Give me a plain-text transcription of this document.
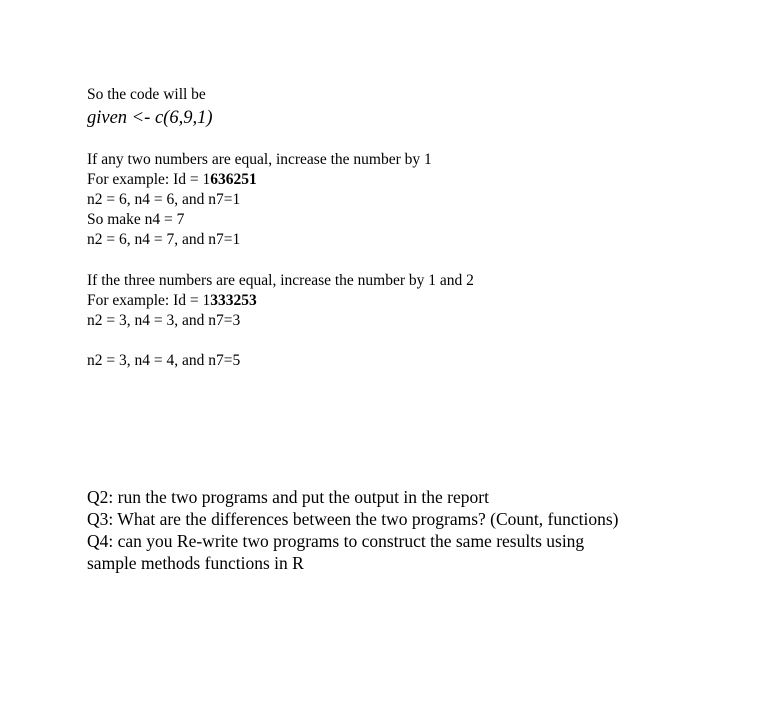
So the code will be
given <- c(6,9,1)
If any two numbers are equal, increase the number by 1
For example: Id = 1636251
n2 = 6, n4 = 6, and n7=1
So make n4 = 7
n2 = 6, n4 = 7, and n7=1
If the three numbers are equal, increase the number by 1 and 2
For example: Id = 1333253
n2 = 3, n4 = 3, and n7=3
n2 = 3, n4 = 4, and n7=5
Q2: run the two programs and put the output in the report
Q3: What are the differences between the two programs? (Count, functions)
Q4: can you Re-write two programs to construct the same results using
sample methods functions in R
